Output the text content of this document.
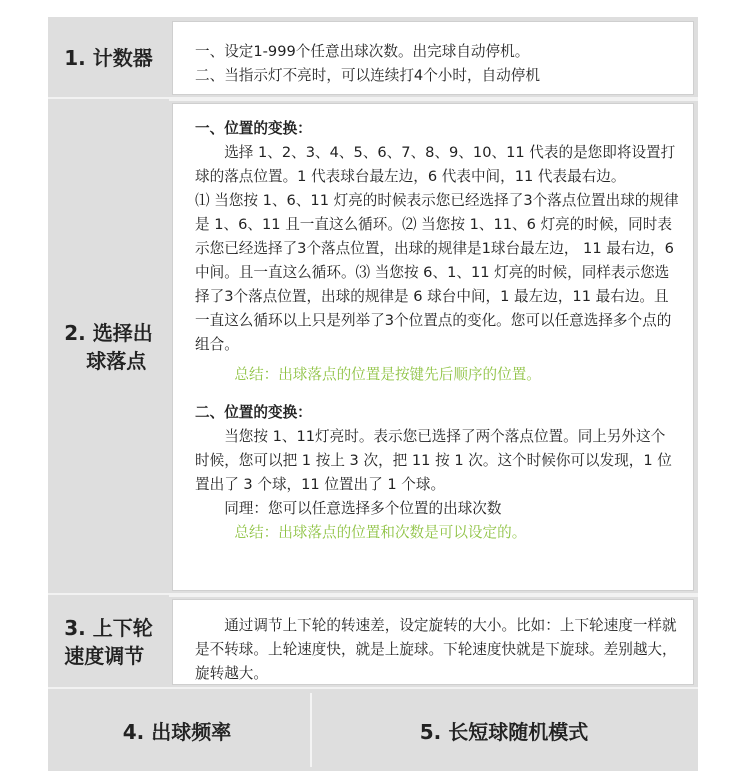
1. 计数器	一、设定1-999个任意出球次数。出完球自动停机。

二、当指示灯不亮时，可以连续打4个小时，自动停机

2. 选择出
球落点

一、位置的变换：

选择 1、2、3、4、5、6、7、8、9、10、11 代表的是您即将设置打球的落点位置。1 代表球台最左边，6 代表中间，11 代表最右边。

⑴ 当您按 1、6、11 灯亮的时候表示您已经选择了3个落点位置出球的规律是 1、6、11 且一直这么循环。⑵ 当您按 1、11、6 灯亮的时候，同时表示您已经选择了3个落点位置，出球的规律是1球台最左边， 11 最右边，6 中间。且一直这么循环。⑶ 当您按 6、1、11 灯亮的时候，同样表示您选择了3个落点位置，出球的规律是 6 球台中间，1 最左边，11 最右边。且一直这么循环以上只是列举了3个位置点的变化。您可以任意选择多个点的组合。

总结：出球落点的位置是按键先后顺序的位置。

二、位置的变换：

当您按 1、11灯亮时。表示您已选择了两个落点位置。同上另外这个时候，您可以把 1 按上 3 次，把 11 按 1 次。这个时候你可以发现，1 位置出了 3 个球，11 位置出了 1 个球。

同理：您可以任意选择多个位置的出球次数

总结：出球落点的位置和次数是可以设定的。

3. 上下轮
速度调节

通过调节上下轮的转速差，设定旋转的大小。比如：上下轮速度一样就是不转球。上轮速度快，就是上旋球。下轮速度快就是下旋球。差别越大，旋转越大。

4. 出球频率	5. 长短球随机模式
